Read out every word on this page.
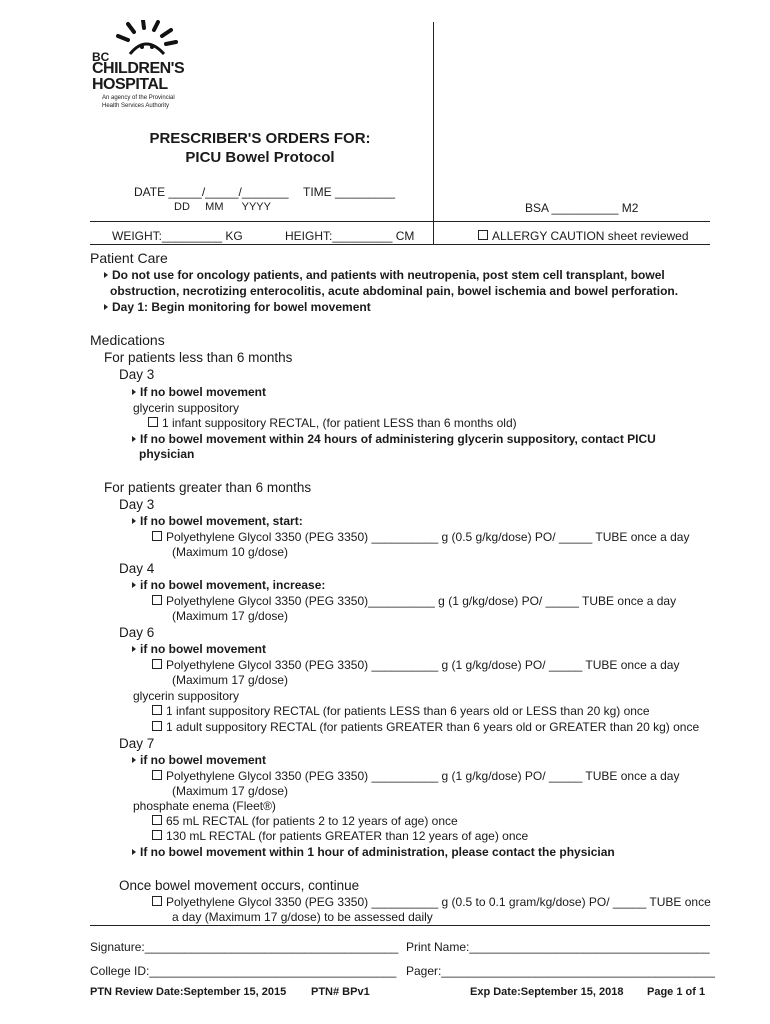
BC
CHILDREN'S
HOSPITAL
An agency of the Provincial
Health Services Authority
PRESCRIBER'S ORDERS FOR:
PICU Bowel Protocol
DATE _____/_____/_______ TIME _________
DD     MM      YYYY	BSA __________ M2
WEIGHT:_________ KG	HEIGHT:_________ CM	ALLERGY CAUTION sheet reviewed
Patient Care
Do not use for oncology patients, and patients with neutropenia, post stem cell transplant, bowel
obstruction, necrotizing enterocolitis, acute abdominal pain, bowel ischemia and bowel perforation.
Day 1: Begin monitoring for bowel movement
Medications
For patients less than 6 months
Day 3
If no bowel movement
glycerin suppository
1 infant suppository RECTAL, (for patient LESS than 6 months old)
If no bowel movement within 24 hours of administering glycerin suppository, contact PICU
physician
For patients greater than 6 months
Day 3
If no bowel movement, start:
Polyethylene Glycol 3350 (PEG 3350) __________ g (0.5 g/kg/dose) PO/ _____ TUBE once a day
(Maximum 10 g/dose)
Day 4
if no bowel movement, increase:
Polyethylene Glycol 3350 (PEG 3350)__________ g (1 g/kg/dose) PO/ _____ TUBE once a day
(Maximum 17 g/dose)
Day 6
if no bowel movement
Polyethylene Glycol 3350 (PEG 3350) __________ g (1 g/kg/dose) PO/ _____ TUBE once a day
(Maximum 17 g/dose)
glycerin suppository
1 infant suppository RECTAL (for patients LESS than 6 years old or LESS than 20 kg) once
1 adult suppository RECTAL (for patients GREATER than 6 years old or GREATER than 20 kg) once
Day 7
if no bowel movement
Polyethylene Glycol 3350 (PEG 3350) __________ g (1 g/kg/dose) PO/ _____ TUBE once a day
(Maximum 17 g/dose)
phosphate enema (Fleet®)
65 mL RECTAL (for patients 2 to 12 years of age) once
130 mL RECTAL (for patients GREATER than 12 years of age) once
If no bowel movement within 1 hour of administration, please contact the physician
Once bowel movement occurs, continue
Polyethylene Glycol 3350 (PEG 3350) __________ g (0.5 to 0.1 gram/kg/dose) PO/ _____ TUBE once
a day (Maximum 17 g/dose) to be assessed daily
Signature:______________________________________ Print Name:____________________________________
College ID:_____________________________________ Pager:_________________________________________
PTN Review Date:September 15, 2015 PTN# BPv1	Exp Date:September 15, 2018 Page 1 of 1
